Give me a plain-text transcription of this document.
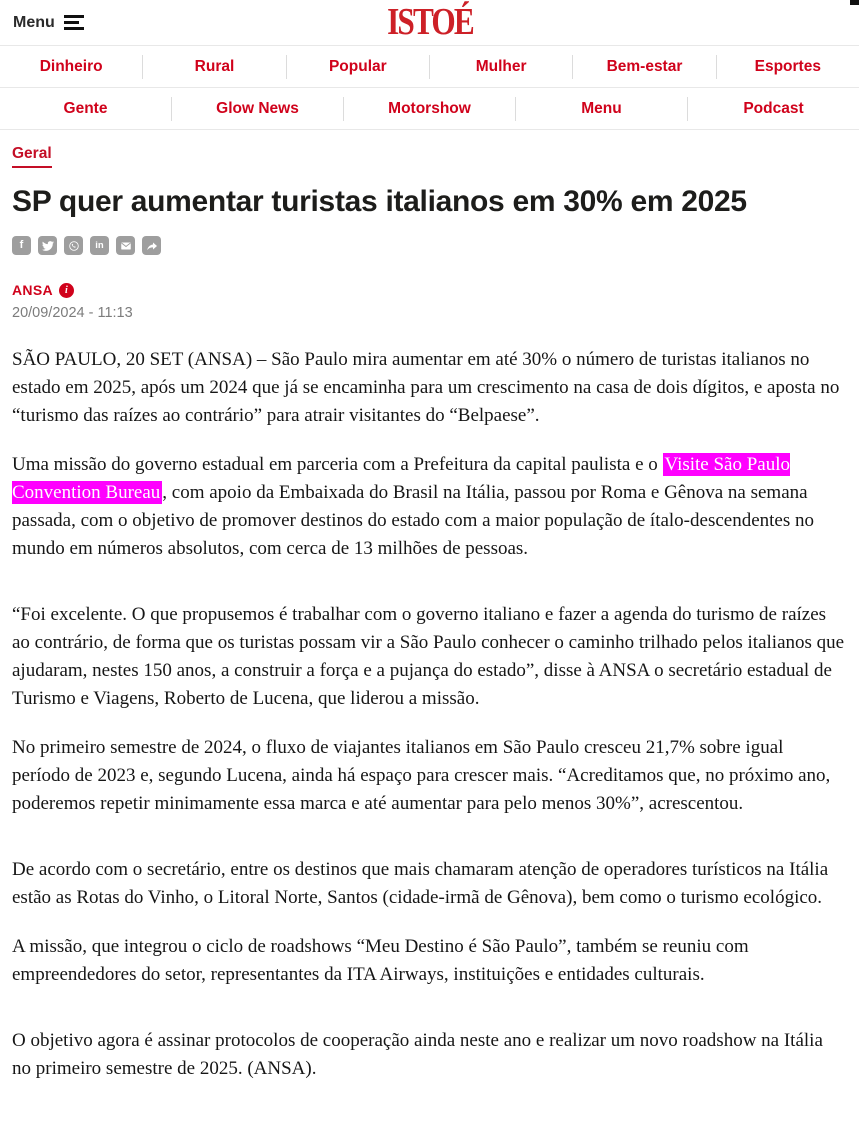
Menu	ISTOÉ
Dinheiro	Rural	Popular	Mulher	Bem-estar	Esportes
Gente	Glow News	Motorshow	Menu	Podcast
Geral
SP quer aumentar turistas italianos em 30% em 2025
f	in
ANSA	i
20/09/2024 - 11:13

SÃO PAULO, 20 SET (ANSA) – São Paulo mira aumentar em até 30% o número de turistas italianos no estado em 2025, após um 2024 que já se encaminha para um crescimento na casa de dois dígitos, e aposta no “turismo das raízes ao contrário” para atrair visitantes do “Belpaese”.

Uma missão do governo estadual em parceria com a Prefeitura da capital paulista e o Visite São Paulo Convention Bureau , com apoio da Embaixada do Brasil na Itália, passou por Roma e Gênova na semana passada, com o objetivo de promover destinos do estado com a maior população de ítalo-descendentes no mundo em números absolutos, com cerca de 13 milhões de pessoas.

“Foi excelente. O que propusemos é trabalhar com o governo italiano e fazer a agenda do turismo de raízes ao contrário, de forma que os turistas possam vir a São Paulo conhecer o caminho trilhado pelos italianos que ajudaram, nestes 150 anos, a construir a força e a pujança do estado”, disse à ANSA o secretário estadual de Turismo e Viagens, Roberto de Lucena, que liderou a missão.

No primeiro semestre de 2024, o fluxo de viajantes italianos em São Paulo cresceu 21,7% sobre igual período de 2023 e, segundo Lucena, ainda há espaço para crescer mais. “Acreditamos que, no próximo ano, poderemos repetir minimamente essa marca e até aumentar para pelo menos 30%”, acrescentou.

De acordo com o secretário, entre os destinos que mais chamaram atenção de operadores turísticos na Itália estão as Rotas do Vinho, o Litoral Norte, Santos (cidade-irmã de Gênova), bem como o turismo ecológico.

A missão, que integrou o ciclo de roadshows “Meu Destino é São Paulo”, também se reuniu com empreendedores do setor, representantes da ITA Airways, instituições e entidades culturais.

O objetivo agora é assinar protocolos de cooperação ainda neste ano e realizar um novo roadshow na Itália no primeiro semestre de 2025. (ANSA).
